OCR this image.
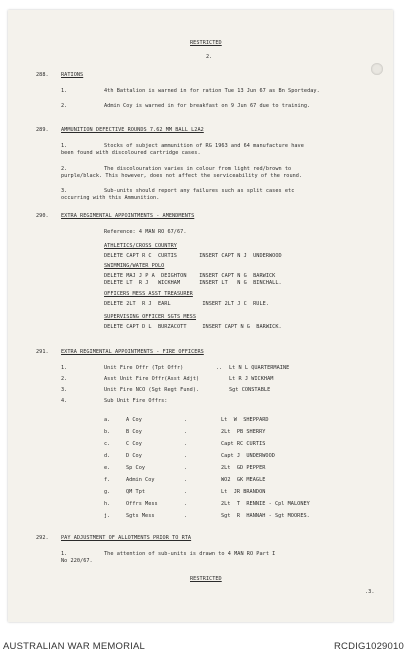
RESTRICTED
2.
288. RATIONS
1.	4th Battalion is warned in for ration Tue 13 Jun 67 as Bn Sporteday.
2.	Admin Coy is warned in for breakfast on 9 Jun 67 due to training.
289. AMMUNITION DEFECTIVE ROUNDS 7.62 MM BALL L2A2
1.	Stocks of subject ammunition of RG 1963 and 64 manufacture have
been found with discoloured cartridge cases.
2.	The discolouration varies in colour from light red/brown to
purple/black. This however, does not affect the serviceability of the round.
3.	Sub-units should report any failures such as split cases etc
occurring with this Ammunition.
290. EXTRA REGIMENTAL APPOINTMENTS - AMENDMENTS
Reference: 4 MAN RO 67/67.
ATHLETICS/CROSS COUNTRY
DELETE CAPT R C  CURTIS       INSERT CAPT N J  UNDERWOOD
SWIMMING/WATER POLO
DELETE MAJ J P A  DEIGHTON    INSERT CAPT N G  BARWICK
DELETE LT  R J   WICKHAM      INSERT LT   N G  BINCHALL.
OFFICERS MESS ASST TREASURER
DELETE 2LT  R J  EARL          INSERT 2LT J C  RULE.
SUPERVISING OFFICER SGTS MESS
DELETE CAPT D L  BURZACOTT     INSERT CAPT N G  BARWICK.
291. EXTRA REGIMENTAL APPOINTMENTS - FIRE OFFICERS
1.	Unit Fire Offr (Tpt Offr)	.. Lt N L QUARTERMAINE
2.	Asst Unit Fire Offr(Asst Adjt)	Lt R J WICKHAM
3.	Unit Fire NCO (Sgt Regt Fund).	Sgt CONSTABLE
4.	Sub Unit Fire Offrs:
a.	A Coy	.	Lt  W  SHEPPARD
b.	B Coy	.	2Lt  PB SHERRY
c.	C Coy	.	Capt RC CURTIS
d.	D Coy	.	Capt J  UNDERWOOD
e.	Sp Coy	.	2Lt  GD PEPPER
f.	Admin Coy	.	WO2  GK MEAGLE
g.	QM Tpt	.	Lt  JR BRANDON
h.	Offrs Mess	.	2Lt  T  RENNIE - Cpl MALONEY
j.	Sgts Mess	.	Sgt  R  HANNAH - Sgt MOORES.
292. PAY ADJUSTMENT OF ALLOTMENTS PRIOR TO RTA
1.	The attention of sub-units is drawn to 4 MAN RO Part I
No 220/67.
RESTRICTED
.3.
AUSTRALIAN WAR MEMORIAL	RCDIG1029010
